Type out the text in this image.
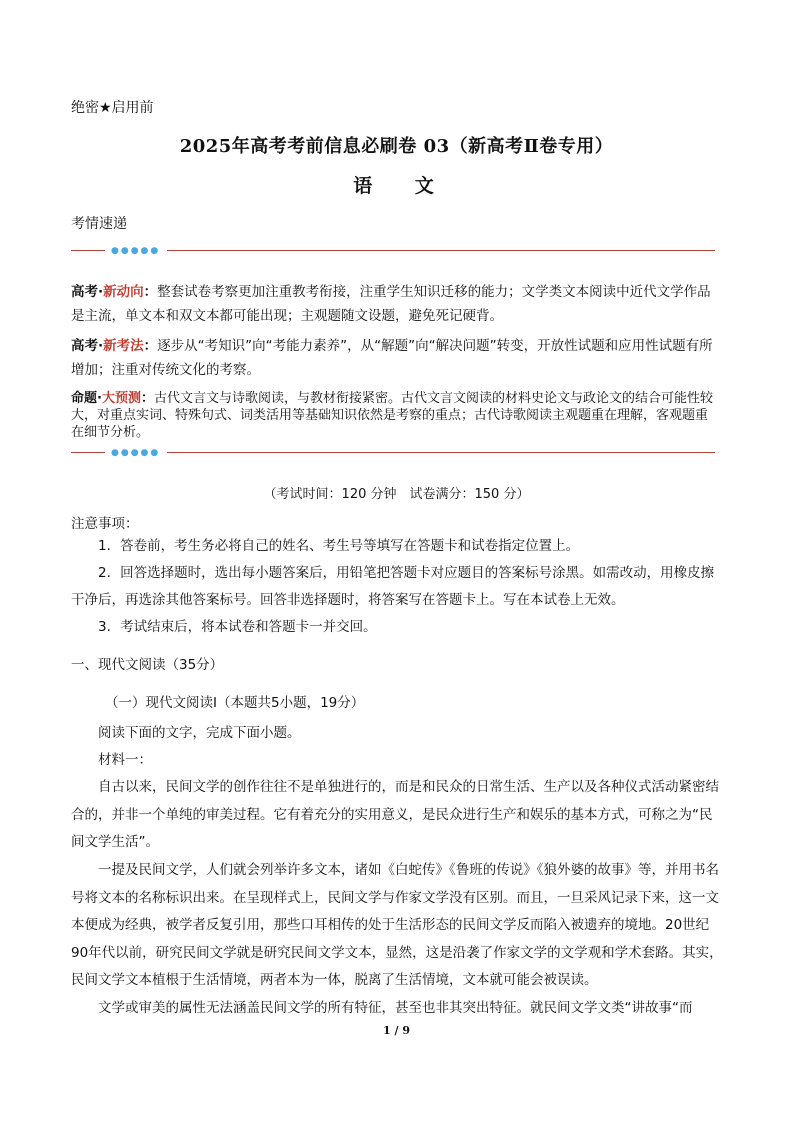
绝密★启用前
2025年高考考前信息必刷卷 03（新高考Ⅱ卷专用）
语 文
考情速递
●●●●●
高考·新动向：整套试卷考察更加注重教考衔接，注重学生知识迁移的能力；文学类文本阅读中近代文学作品是主流，单文本和双文本都可能出现；主观题随文设题，避免死记硬背。
高考·新考法：逐步从“考知识”向“考能力素养”，从“解题”向“解决问题”转变，开放性试题和应用性试题有所增加；注重对传统文化的考察。
命题·大预测：古代文言文与诗歌阅读，与教材衔接紧密。古代文言文阅读的材料史论文与政论文的结合可能性较大，对重点实词、特殊句式、词类活用等基础知识依然是考察的重点；古代诗歌阅读主观题重在理解，客观题重在细节分析。
●●●●●
（考试时间：120 分钟　试卷满分：150 分）
注意事项：
1．答卷前，考生务必将自己的姓名、考生号等填写在答题卡和试卷指定位置上。
2．回答选择题时，选出每小题答案后，用铅笔把答题卡对应题目的答案标号涂黑。如需改动，用橡皮擦干净后，再选涂其他答案标号。回答非选择题时，将答案写在答题卡上。写在本试卷上无效。
3．考试结束后，将本试卷和答题卡一并交回。
一、现代文阅读（35分）
（一）现代文阅读Ⅰ（本题共5小题，19分）
阅读下面的文字，完成下面小题。
材料一：
自古以来，民间文学的创作往往不是单独进行的，而是和民众的日常生活、生产以及各种仪式活动紧密结合的，并非一个单纯的审美过程。它有着充分的实用意义，是民众进行生产和娱乐的基本方式，可称之为“民间文学生活”。
一提及民间文学，人们就会列举许多文本，诸如《白蛇传》《鲁班的传说》《狼外婆的故事》等，并用书名号将文本的名称标识出来。在呈现样式上，民间文学与作家文学没有区别。而且，一旦采风记录下来，这一文本便成为经典，被学者反复引用，那些口耳相传的处于生活形态的民间文学反而陷入被遗弃的境地。20世纪90年代以前，研究民间文学就是研究民间文学文本，显然，这是沿袭了作家文学的文学观和学术套路。其实，民间文学文本植根于生活情境，两者本为一体，脱离了生活情境，文本就可能会被误读。
文学或审美的属性无法涵盖民间文学的所有特征，甚至也非其突出特征。就民间文学文类“讲故事“而
1 / 9
